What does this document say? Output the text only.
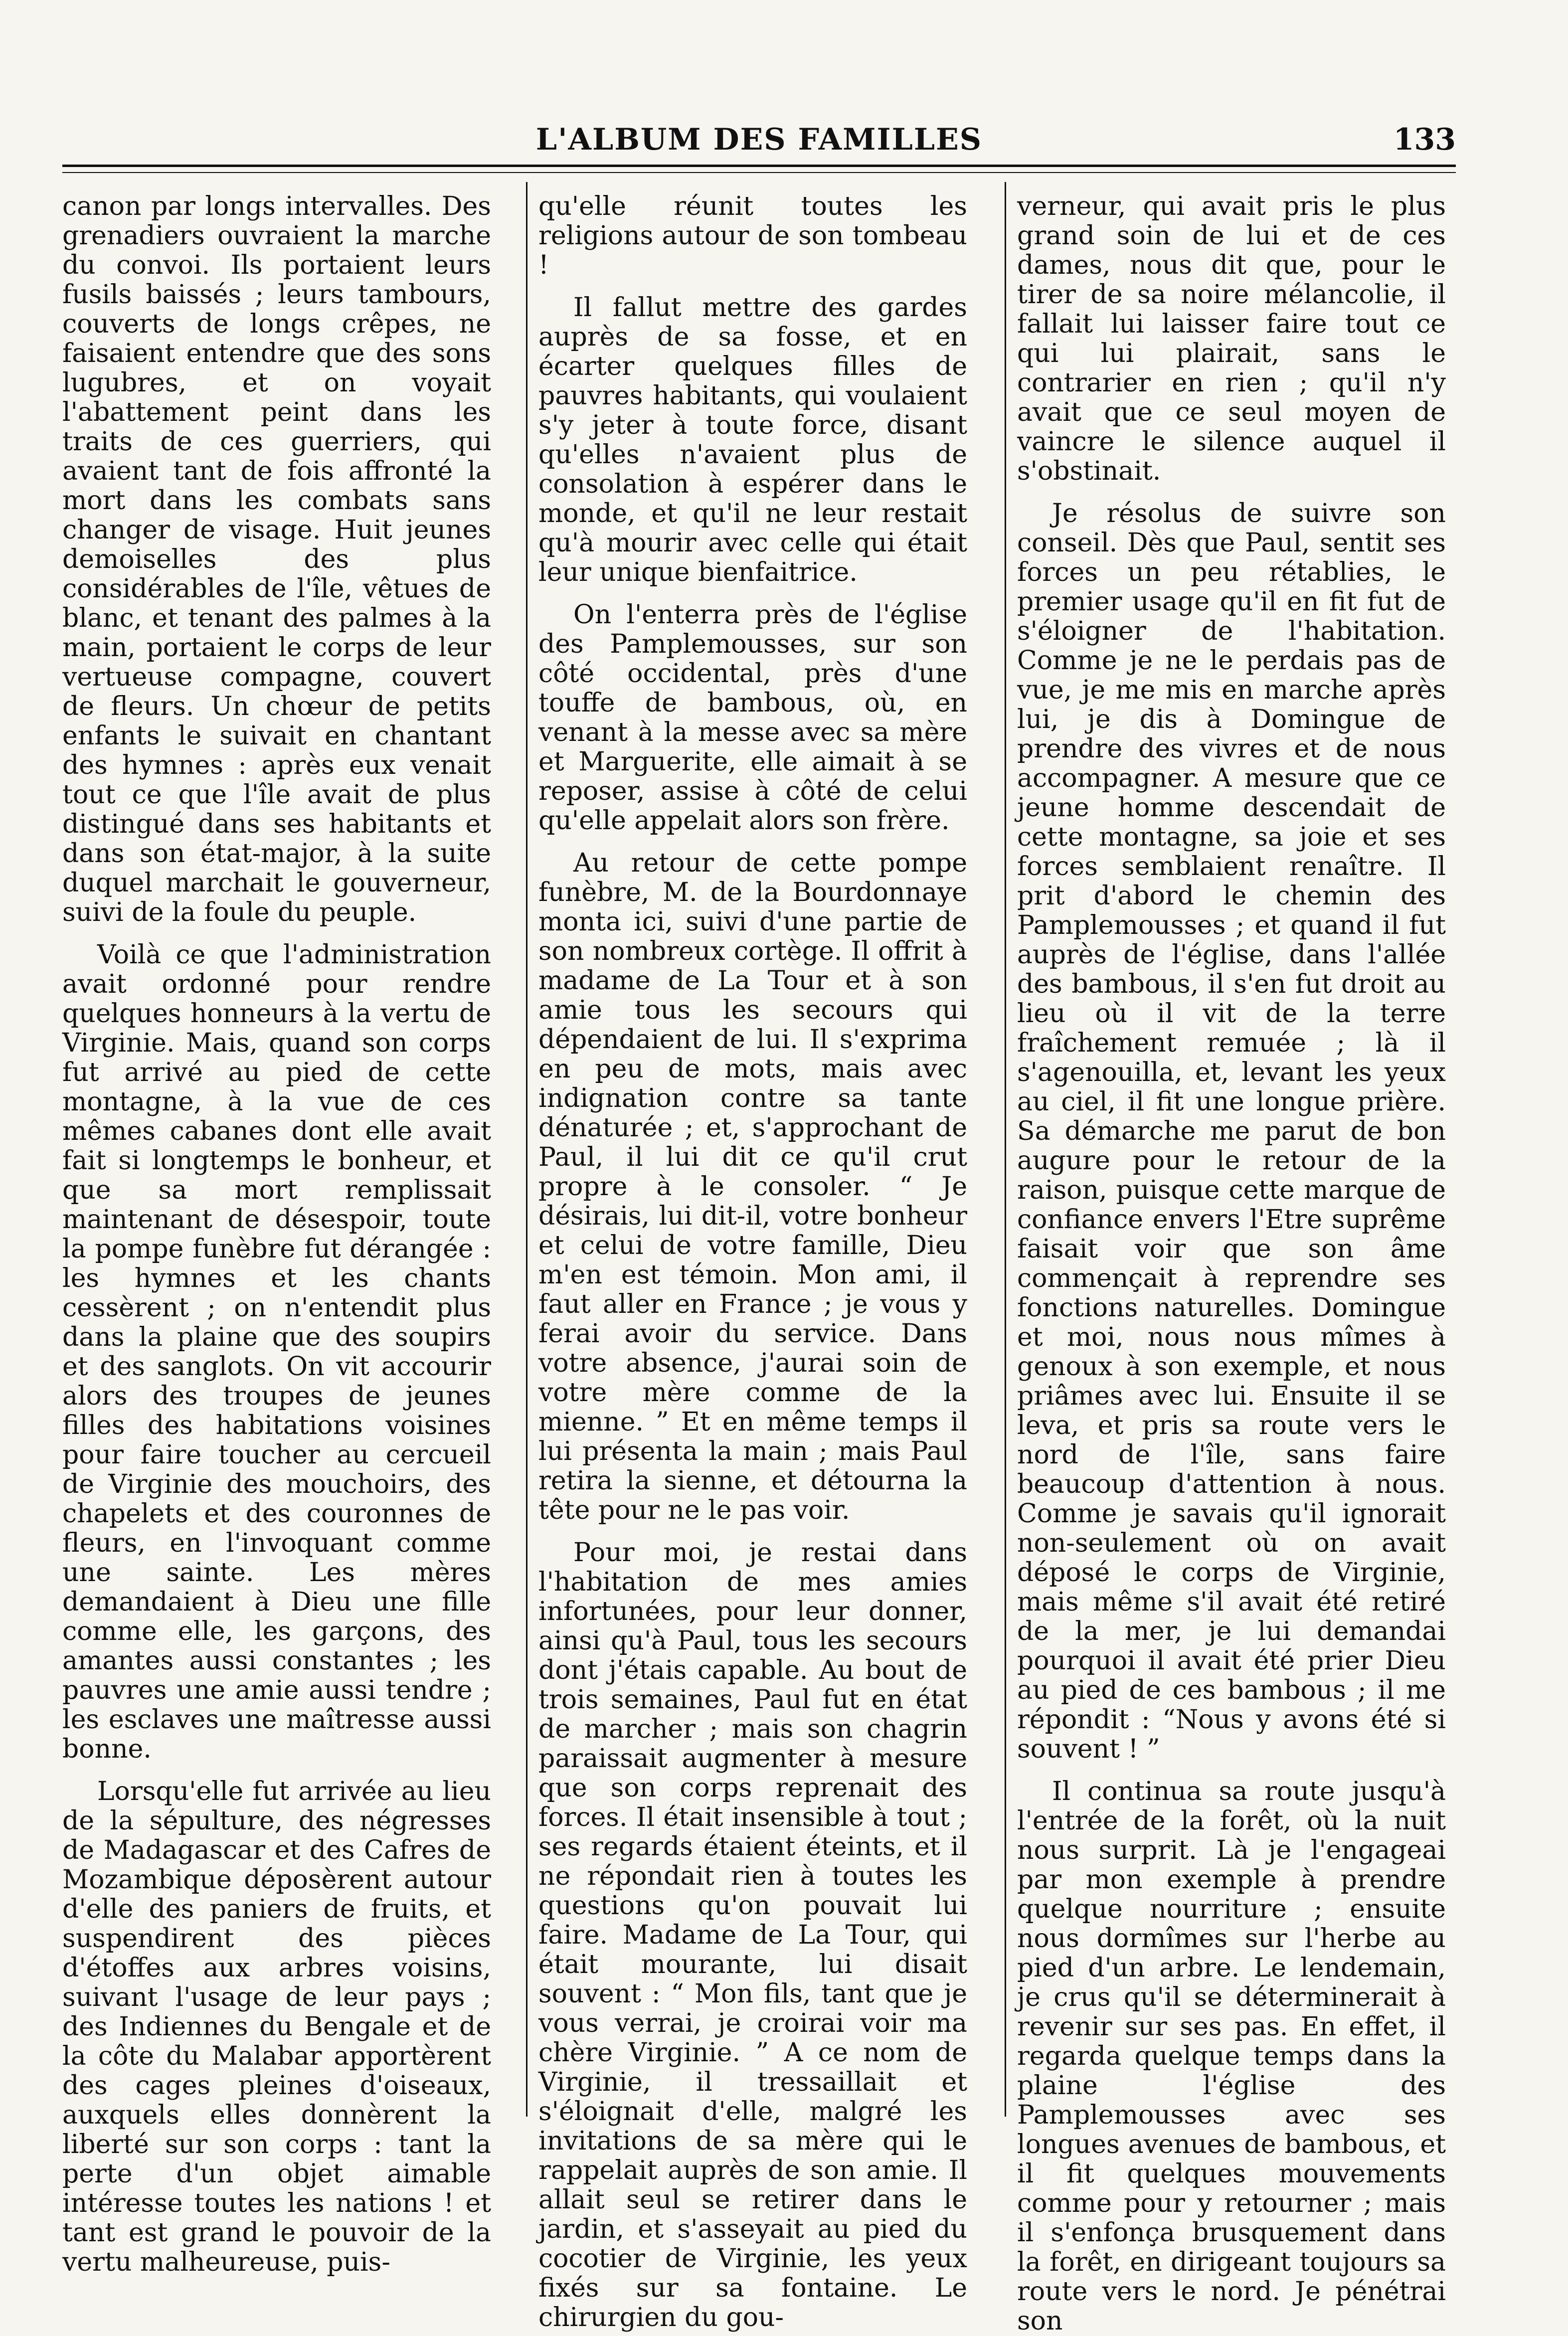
L'ALBUM DES FAMILLES	133

canon par longs intervalles. Des grenadiers ouvraient la marche du convoi. Ils portaient leurs fusils baissés ; leurs tambours, couverts de longs crêpes, ne faisaient entendre que des sons lugubres, et on voyait l'abattement peint dans les traits de ces guerriers, qui avaient tant de fois affronté la mort dans les combats sans changer de visage. Huit jeunes demoiselles des plus considérables de l'île, vêtues de blanc, et tenant des palmes à la main, portaient le corps de leur vertueuse compagne, couvert de fleurs. Un chœur de petits enfants le suivait en chantant des hymnes : après eux venait tout ce que l'île avait de plus distingué dans ses habitants et dans son état-major, à la suite duquel marchait le gouverneur, suivi de la foule du peuple.

Voilà ce que l'administration avait ordonné pour rendre quelques honneurs à la vertu de Virginie. Mais, quand son corps fut arrivé au pied de cette montagne, à la vue de ces mêmes cabanes dont elle avait fait si longtemps le bonheur, et que sa mort remplissait maintenant de désespoir, toute la pompe funèbre fut dérangée : les hymnes et les chants cessèrent ; on n'entendit plus dans la plaine que des soupirs et des sanglots. On vit accourir alors des troupes de jeunes filles des habitations voisines pour faire toucher au cercueil de Virginie des mouchoirs, des chapelets et des couronnes de fleurs, en l'invoquant comme une sainte. Les mères demandaient à Dieu une fille comme elle, les garçons, des amantes aussi constantes ; les pauvres une amie aussi tendre ; les esclaves une maîtresse aussi bonne.

Lorsqu'elle fut arrivée au lieu de la sépulture, des négresses de Madagascar et des Cafres de Mozambique déposèrent autour d'elle des paniers de fruits, et suspendirent des pièces d'étoffes aux arbres voisins, suivant l'usage de leur pays ; des Indiennes du Bengale et de la côte du Malabar apportèrent des cages pleines d'oiseaux, auxquels elles donnèrent la liberté sur son corps : tant la perte d'un objet aimable intéresse toutes les nations ! et tant est grand le pouvoir de la vertu malheureuse, puis-

qu'elle réunit toutes les religions autour de son tombeau !

Il fallut mettre des gardes auprès de sa fosse, et en écarter quelques filles de pauvres habitants, qui voulaient s'y jeter à toute force, disant qu'elles n'avaient plus de consolation à espérer dans le monde, et qu'il ne leur restait qu'à mourir avec celle qui était leur unique bienfaitrice.

On l'enterra près de l'église des Pamplemousses, sur son côté occidental, près d'une touffe de bambous, où, en venant à la messe avec sa mère et Marguerite, elle aimait à se reposer, assise à côté de celui qu'elle appelait alors son frère.

Au retour de cette pompe funèbre, M. de la Bourdonnaye monta ici, suivi d'une partie de son nombreux cortège. Il offrit à madame de La Tour et à son amie tous les secours qui dépendaient de lui. Il s'exprima en peu de mots, mais avec indignation contre sa tante dénaturée ; et, s'approchant de Paul, il lui dit ce qu'il crut propre à le consoler. “ Je désirais, lui dit-il, votre bonheur et celui de votre famille, Dieu m'en est témoin. Mon ami, il faut aller en France ; je vous y ferai avoir du service. Dans votre absence, j'aurai soin de votre mère comme de la mienne. ” Et en même temps il lui présenta la main ; mais Paul retira la sienne, et détourna la tête pour ne le pas voir.

Pour moi, je restai dans l'habitation de mes amies infortunées, pour leur donner, ainsi qu'à Paul, tous les secours dont j'étais capable. Au bout de trois semaines, Paul fut en état de marcher ; mais son chagrin paraissait augmenter à mesure que son corps reprenait des forces. Il était insensible à tout ; ses regards étaient éteints, et il ne répondait rien à toutes les questions qu'on pouvait lui faire. Madame de La Tour, qui était mourante, lui disait souvent : “ Mon fils, tant que je vous verrai, je croirai voir ma chère Virginie. ” A ce nom de Virginie, il tressaillait et s'éloignait d'elle, malgré les invitations de sa mère qui le rappelait auprès de son amie. Il allait seul se retirer dans le jardin, et s'asseyait au pied du cocotier de Virginie, les yeux fixés sur sa fontaine. Le chirurgien du gou-

verneur, qui avait pris le plus grand soin de lui et de ces dames, nous dit que, pour le tirer de sa noire mélancolie, il fallait lui laisser faire tout ce qui lui plairait, sans le contrarier en rien ; qu'il n'y avait que ce seul moyen de vaincre le silence auquel il s'obstinait.

Je résolus de suivre son conseil. Dès que Paul, sentit ses forces un peu rétablies, le premier usage qu'il en fit fut de s'éloigner de l'habitation. Comme je ne le perdais pas de vue, je me mis en marche après lui, je dis à Domingue de prendre des vivres et de nous accompagner. A mesure que ce jeune homme descendait de cette montagne, sa joie et ses forces semblaient renaître. Il prit d'abord le chemin des Pamplemousses ; et quand il fut auprès de l'église, dans l'allée des bambous, il s'en fut droit au lieu où il vit de la terre fraîchement remuée ; là il s'agenouilla, et, levant les yeux au ciel, il fit une longue prière. Sa démarche me parut de bon augure pour le retour de la raison, puisque cette marque de confiance envers l'Etre suprême faisait voir que son âme commençait à reprendre ses fonctions naturelles. Domingue et moi, nous nous mîmes à genoux à son exemple, et nous priâmes avec lui. Ensuite il se leva, et pris sa route vers le nord de l'île, sans faire beaucoup d'attention à nous. Comme je savais qu'il ignorait non-seulement où on avait déposé le corps de Virginie, mais même s'il avait été retiré de la mer, je lui demandai pourquoi il avait été prier Dieu au pied de ces bambous ; il me répondit : “Nous y avons été si souvent ! ”

Il continua sa route jusqu'à l'entrée de la forêt, où la nuit nous surprit. Là je l'engageai par mon exemple à prendre quelque nourriture ; ensuite nous dormîmes sur l'herbe au pied d'un arbre. Le lendemain, je crus qu'il se déterminerait à revenir sur ses pas. En effet, il regarda quelque temps dans la plaine l'église des Pamplemousses avec ses longues avenues de bambous, et il fit quelques mouvements comme pour y retourner ; mais il s'enfonça brusquement dans la forêt, en dirigeant toujours sa route vers le nord. Je pénétrai son
